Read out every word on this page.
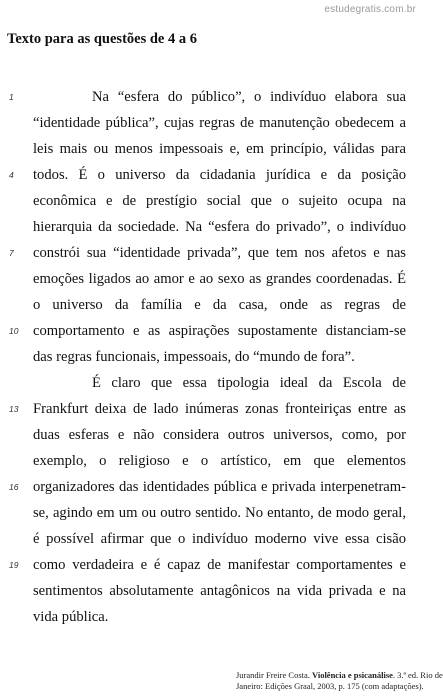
estudegratis.com.br
Texto para as questões de 4 a 6
1
4
7
10
13
16
19
Na “esfera do público”, o indivíduo elabora sua
“identidade pública”, cujas regras de manutenção obedecem a
leis mais ou menos impessoais e, em princípio, válidas para
todos. É o universo da cidadania jurídica e da posição
econômica e de prestígio social que o sujeito ocupa na
hierarquia da sociedade. Na “esfera do privado”, o indivíduo
constrói sua “identidade privada”, que tem nos afetos e nas
emoções ligados ao amor e ao sexo as grandes coordenadas. É
o universo da família e da casa, onde as regras de
comportamento e as aspirações supostamente distanciam-se
das regras funcionais, impessoais, do “mundo de fora”.
É claro que essa tipologia ideal da Escola de
Frankfurt deixa de lado inúmeras zonas fronteiriças entre as
duas esferas e não considera outros universos, como, por
exemplo, o religioso e o artístico, em que elementos
organizadores das identidades pública e privada interpenetram-
se, agindo em um ou outro sentido. No entanto, de modo geral,
é possível afirmar que o indivíduo moderno vive essa cisão
como verdadeira e é capaz de manifestar comportamentes e
sentimentos absolutamente antagônicos na vida privada e na
vida pública.
Jurandir Freire Costa. Violência e psicanálise. 3.ª ed. Rio de
Janeiro: Edições Graal, 2003, p. 175 (com adaptações).
